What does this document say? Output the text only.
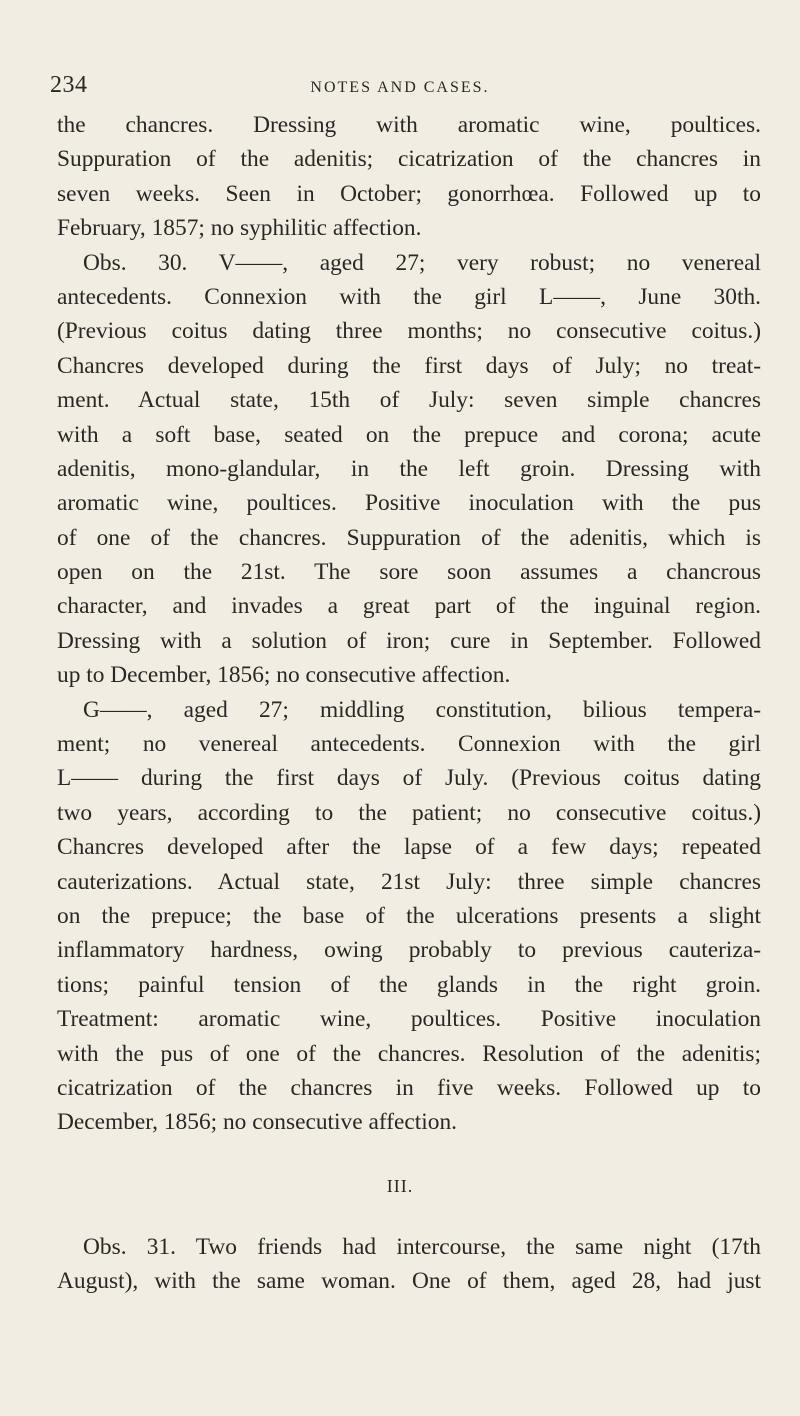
234	NOTES AND CASES.
the chancres. Dressing with aromatic wine, poultices.
Suppuration of the adenitis; cicatrization of the chancres in
seven weeks. Seen in October; gonorrhœa. Followed up to
February, 1857; no syphilitic affection.
Obs. 30. V——, aged 27; very robust; no venereal
antecedents. Connexion with the girl L——, June 30th.
(Previous coitus dating three months; no consecutive coitus.)
Chancres developed during the first days of July; no treat-
ment. Actual state, 15th of July: seven simple chancres
with a soft base, seated on the prepuce and corona; acute
adenitis, mono-glandular, in the left groin. Dressing with
aromatic wine, poultices. Positive inoculation with the pus
of one of the chancres. Suppuration of the adenitis, which is
open on the 21st. The sore soon assumes a chancrous
character, and invades a great part of the inguinal region.
Dressing with a solution of iron; cure in September. Followed
up to December, 1856; no consecutive affection.
G——, aged 27; middling constitution, bilious tempera-
ment; no venereal antecedents. Connexion with the girl
L—— during the first days of July. (Previous coitus dating
two years, according to the patient; no consecutive coitus.)
Chancres developed after the lapse of a few days; repeated
cauterizations. Actual state, 21st July: three simple chancres
on the prepuce; the base of the ulcerations presents a slight
inflammatory hardness, owing probably to previous cauteriza-
tions; painful tension of the glands in the right groin.
Treatment: aromatic wine, poultices. Positive inoculation
with the pus of one of the chancres. Resolution of the adenitis;
cicatrization of the chancres in five weeks. Followed up to
December, 1856; no consecutive affection.
III.
Obs. 31. Two friends had intercourse, the same night (17th
August), with the same woman. One of them, aged 28, had just
